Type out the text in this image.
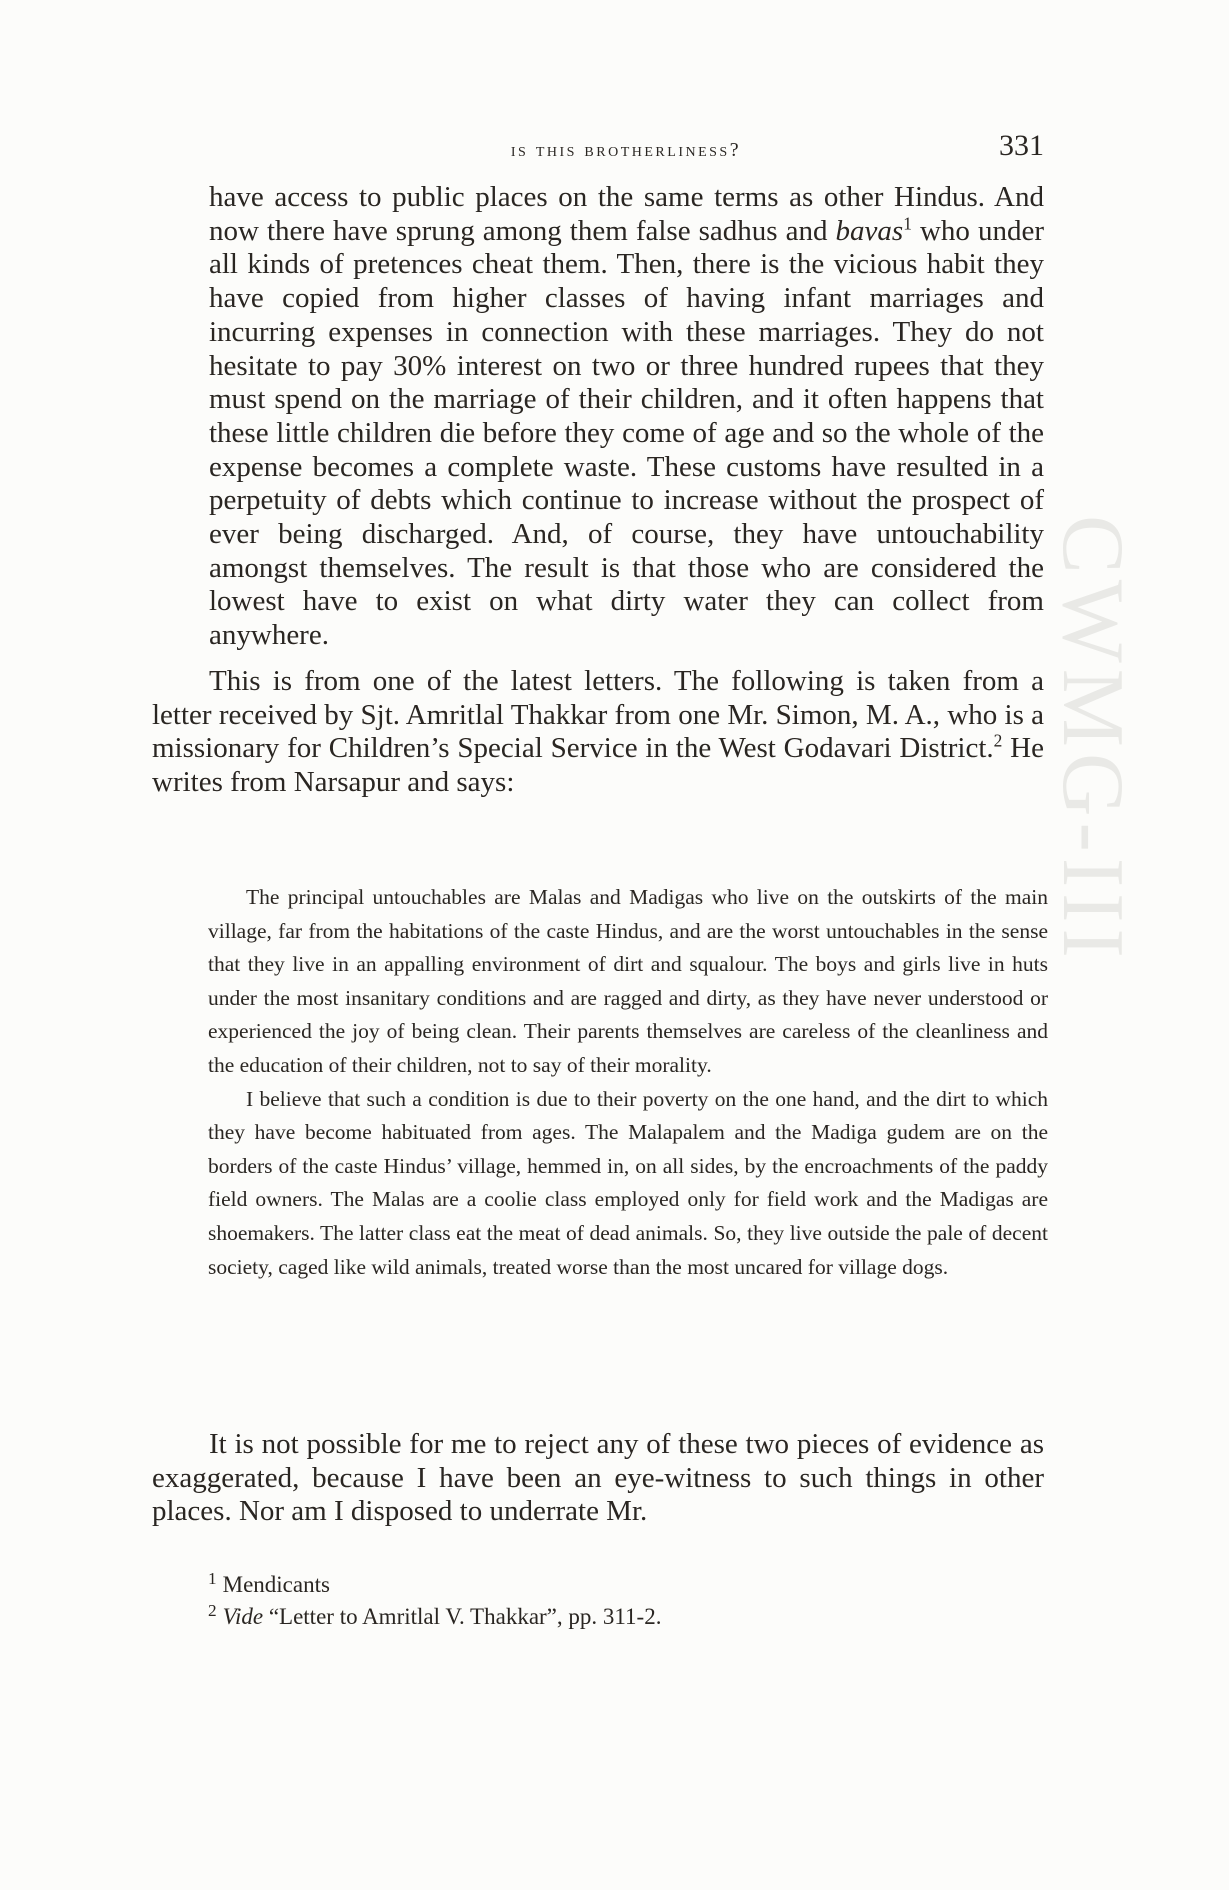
CWMG-III
is this brotherliness?	331

have access to public places on the same terms as other Hindus. And now there have sprung among them false sadhus and bavas$^1$ who under all kinds of pretences cheat them. Then, there is the vicious habit they have copied from higher classes of having infant marriages and incurring expenses in connection with these marriages. They do not hesitate to pay 30% interest on two or three hundred rupees that they must spend on the marriage of their children, and it often happens that these little children die before they come of age and so the whole of the expense becomes a complete waste. These customs have resulted in a perpetuity of debts which continue to increase without the prospect of ever being discharged. And, of course, they have untouchability amongst themselves. The result is that those who are considered the lowest have to exist on what dirty water they can collect from anywhere.

This is from one of the latest letters. The following is taken from a letter received by Sjt. Amritlal Thakkar from one Mr. Simon, M. A., who is a missionary for Children’s Special Service in the West Godavari District.$^2$ He writes from Narsapur and says:

The principal untouchables are Malas and Madigas who live on the outskirts of the main village, far from the habitations of the caste Hindus, and are the worst untouchables in the sense that they live in an appalling environment of dirt and squalour. The boys and girls live in huts under the most insanitary conditions and are ragged and dirty, as they have never understood or experienced the joy of being clean. Their parents themselves are careless of the cleanliness and the education of their children, not to say of their morality.

I believe that such a condition is due to their poverty on the one hand, and the dirt to which they have become habituated from ages. The Malapalem and the Madiga gudem are on the borders of the caste Hindus’ village, hemmed in, on all sides, by the encroachments of the paddy field owners. The Malas are a coolie class employed only for field work and the Madigas are shoemakers. The latter class eat the meat of dead animals. So, they live outside the pale of decent society, caged like wild animals, treated worse than the most uncared for village dogs.

It is not possible for me to reject any of these two pieces of evidence as exaggerated, because I have been an eye-witness to such things in other places. Nor am I disposed to underrate Mr.

$^1$ Mendicants

$^2$ Vide “Letter to Amritlal V. Thakkar”, pp. 311-2.
